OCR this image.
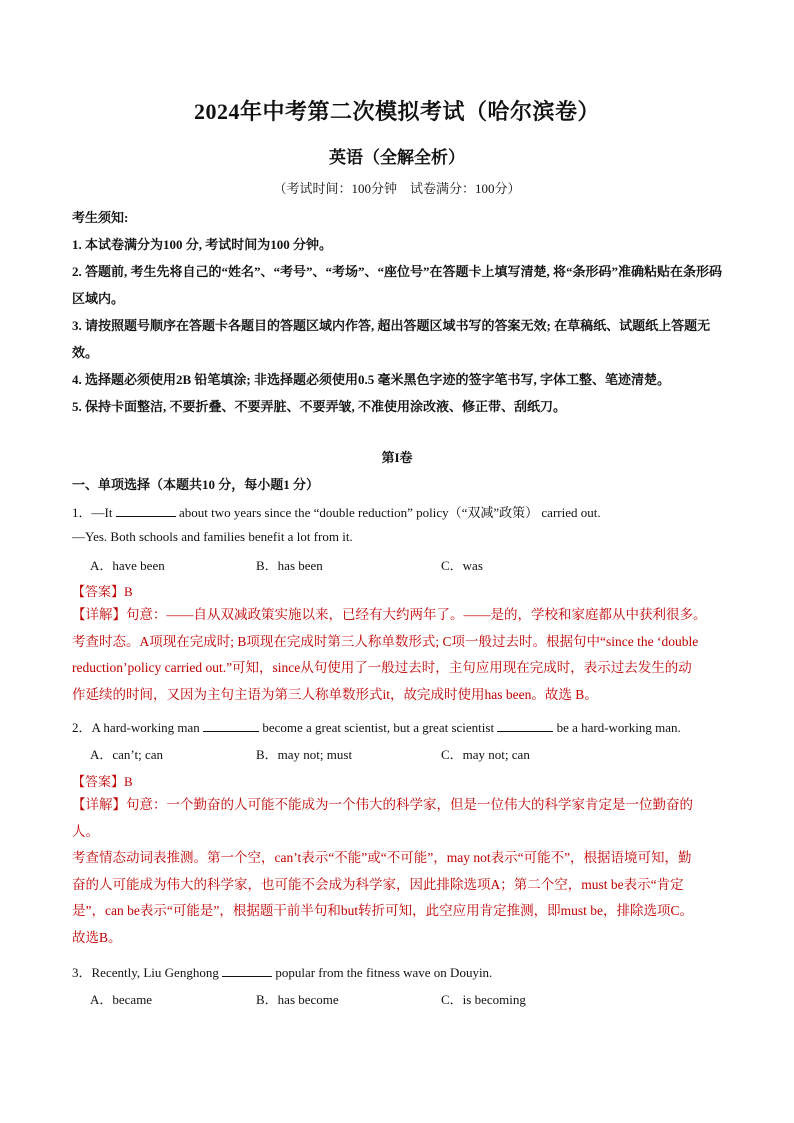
2024年中考第二次模拟考试（哈尔滨卷）
英语（全解全析）
（考试时间：100分钟　试卷满分：100分）
考生须知:

1. 本试卷满分为100 分, 考试时间为100 分钟。

2. 答题前, 考生先将自己的“姓名”、“考号”、“考场”、“座位号”在答题卡上填写清楚, 将“条形码”准确粘贴在条形码区域内。

3. 请按照题号顺序在答题卡各题目的答题区域内作答, 超出答题区域书写的答案无效; 在草稿纸、试题纸上答题无效。

4. 选择题必须使用2B 铅笔填涂; 非选择题必须使用0.5 毫米黑色字迹的签字笔书写, 字体工整、笔迹清楚。

5. 保持卡面整洁, 不要折叠、不要弄脏、不要弄皱, 不准使用涂改液、修正带、刮纸刀。

第I卷
一、单项选择（本题共10 分，每小题1 分）
1．—It	about two years since the “double reduction” policy（“双减”政策） carried out.
—Yes. Both schools and families benefit a lot from it.
A．have been	B．has been	C．was
【答案】B

【详解】句意：——自从双减政策实施以来，已经有大约两年了。——是的，学校和家庭都从中获利很多。

考查时态。A项现在完成时; B项现在完成时第三人称单数形式; C项一般过去时。根据句中“since the ‘double

reduction’policy carried out.”可知，since从句使用了一般过去时，主句应用现在完成时，表示过去发生的动

作延续的时间，又因为主句主语为第三人称单数形式it，故完成时使用has been。故选 B。

2．A hard-working man	become a great scientist, but a great scientist	be a hard-working man.
A．can’t; can	B．may not; must	C．may not; can
【答案】B

【详解】句意：一个勤奋的人可能不能成为一个伟大的科学家，但是一位伟大的科学家肯定是一位勤奋的

人。

考查情态动词表推测。第一个空，can’t表示“不能”或“不可能”，may not表示“可能不”，根据语境可知，勤

奋的人可能成为伟大的科学家，也可能不会成为科学家，因此排除选项A；第二个空，must be表示“肯定

是”，can be表示“可能是”，根据题干前半句和but转折可知，此空应用肯定推测，即must be，排除选项C。

故选B。

3．Recently, Liu Genghong	popular from the fitness wave on Douyin.
A．became	B．has become	C．is becoming
